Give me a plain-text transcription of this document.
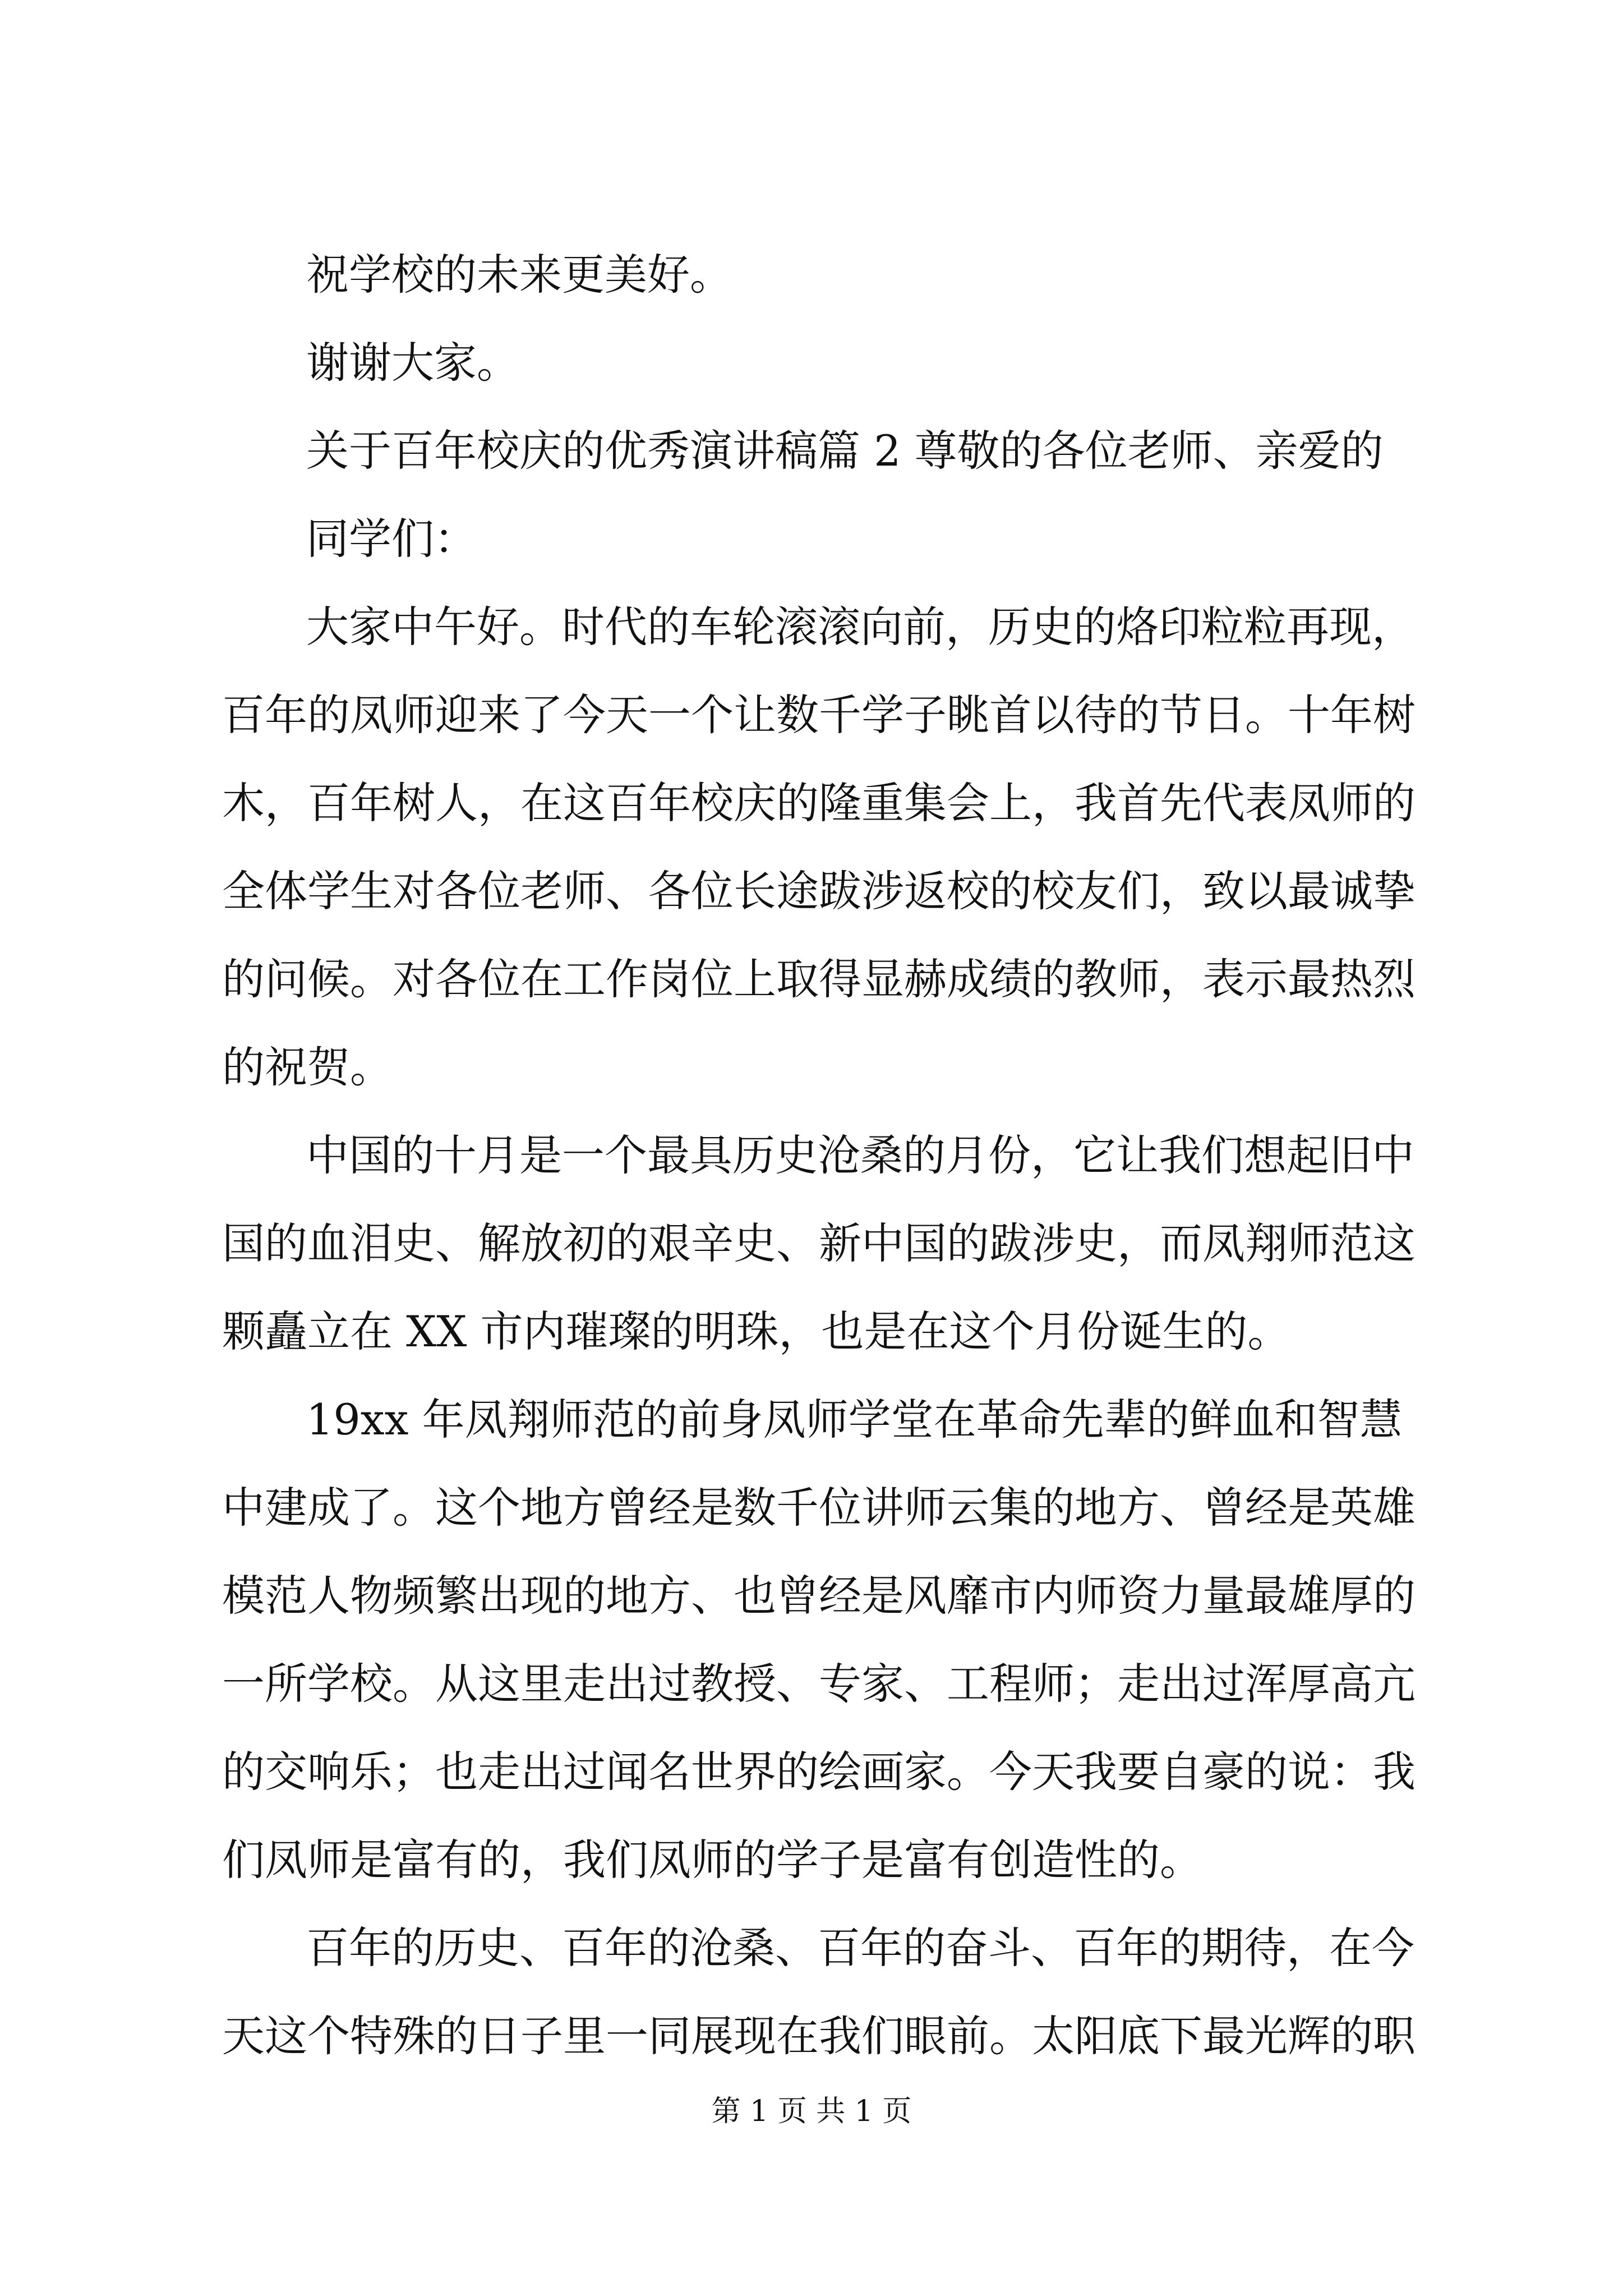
祝学校的未来更美好。

谢谢大家。

关于百年校庆的优秀演讲稿篇 2 尊敬的各位老师、亲爱的

同学们：

大家中午好。时代的车轮滚滚向前，历史的烙印粒粒再现，

百年的凤师迎来了今天一个让数千学子眺首以待的节日。十年树

木，百年树人，在这百年校庆的隆重集会上，我首先代表凤师的

全体学生对各位老师、各位长途跋涉返校的校友们，致以最诚挚

的问候。对各位在工作岗位上取得显赫成绩的教师，表示最热烈

的祝贺。

中国的十月是一个最具历史沧桑的月份，它让我们想起旧中

国的血泪史、解放初的艰辛史、新中国的跋涉史，而凤翔师范这

颗矗立在 XX 市内璀璨的明珠，也是在这个月份诞生的。

19xx 年凤翔师范的前身凤师学堂在革命先辈的鲜血和智慧

中建成了。这个地方曾经是数千位讲师云集的地方、曾经是英雄

模范人物频繁出现的地方、也曾经是风靡市内师资力量最雄厚的

一所学校。从这里走出过教授、专家、工程师；走出过浑厚高亢

的交响乐；也走出过闻名世界的绘画家。今天我要自豪的说：我

们凤师是富有的，我们凤师的学子是富有创造性的。

百年的历史、百年的沧桑、百年的奋斗、百年的期待，在今

天这个特殊的日子里一同展现在我们眼前。太阳底下最光辉的职

第 1 页 共 1 页
